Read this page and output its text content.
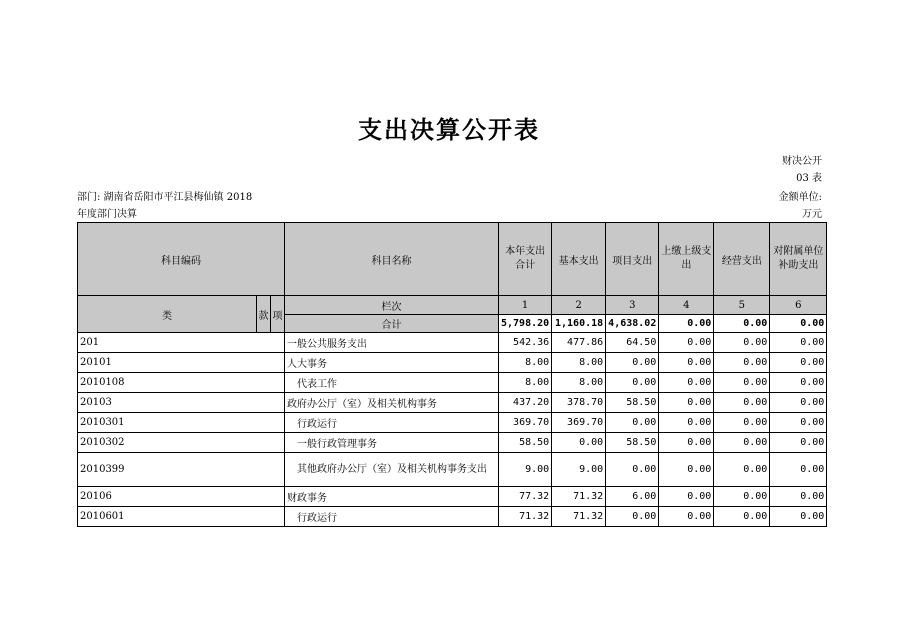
支出决算公开表
财决公开
03 表
部门: 湖南省岳阳市平江县梅仙镇 2018
年度部门决算
金额单位:
万元
科目编码			科目名称	本年支出合计	基本支出	项目支出	上缴上级支出	经营支出	对附属单位补助支出
类	款	项	栏次	1	2	3	4	5	6
			合计	5,798.20	1,160.18	4,638.02	0.00	0.00	0.00
201			一般公共服务支出	542.36	477.86	64.50	0.00	0.00	0.00
20101			人大事务	8.00	8.00	0.00	0.00	0.00	0.00
2010108			代表工作	8.00	8.00	0.00	0.00	0.00	0.00
20103			政府办公厅（室）及相关机构事务	437.20	378.70	58.50	0.00	0.00	0.00
2010301			行政运行	369.70	369.70	0.00	0.00	0.00	0.00
2010302			一般行政管理事务	58.50	0.00	58.50	0.00	0.00	0.00
2010399			其他政府办公厅（室）及相关机构事务支出	9.00	9.00	0.00	0.00	0.00	0.00
20106			财政事务	77.32	71.32	6.00	0.00	0.00	0.00
2010601			行政运行	71.32	71.32	0.00	0.00	0.00	0.00
